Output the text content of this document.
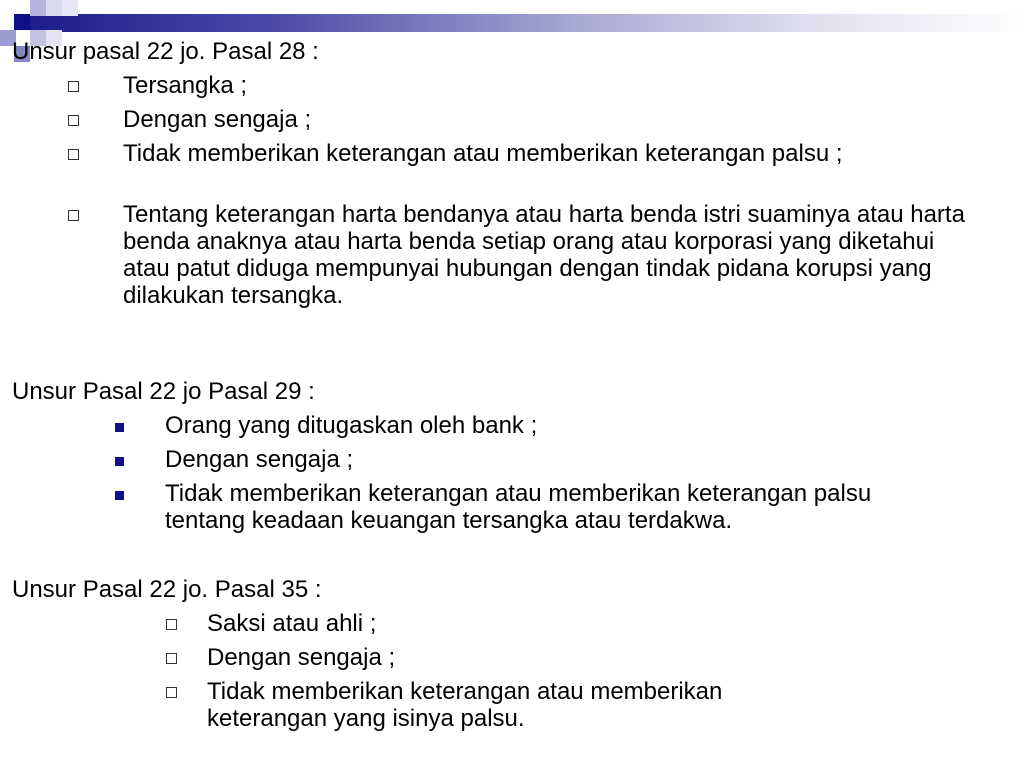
Unsur pasal 22 jo. Pasal 28 :
Tersangka ;
Dengan sengaja ;
Tidak memberikan keterangan atau memberikan keterangan palsu ;
Tentang keterangan harta bendanya atau harta benda istri suaminya atau harta benda anaknya atau harta benda setiap orang atau korporasi yang diketahui atau patut diduga mempunyai hubungan dengan tindak pidana korupsi yang dilakukan tersangka.
Unsur Pasal 22 jo Pasal 29 :
Orang yang ditugaskan oleh bank ;
Dengan sengaja ;
Tidak memberikan keterangan atau memberikan keterangan palsu tentang keadaan keuangan tersangka atau terdakwa.
Unsur Pasal 22 jo. Pasal 35 :
Saksi atau ahli ;
Dengan sengaja ;
Tidak memberikan keterangan atau memberikan keterangan yang isinya palsu.
